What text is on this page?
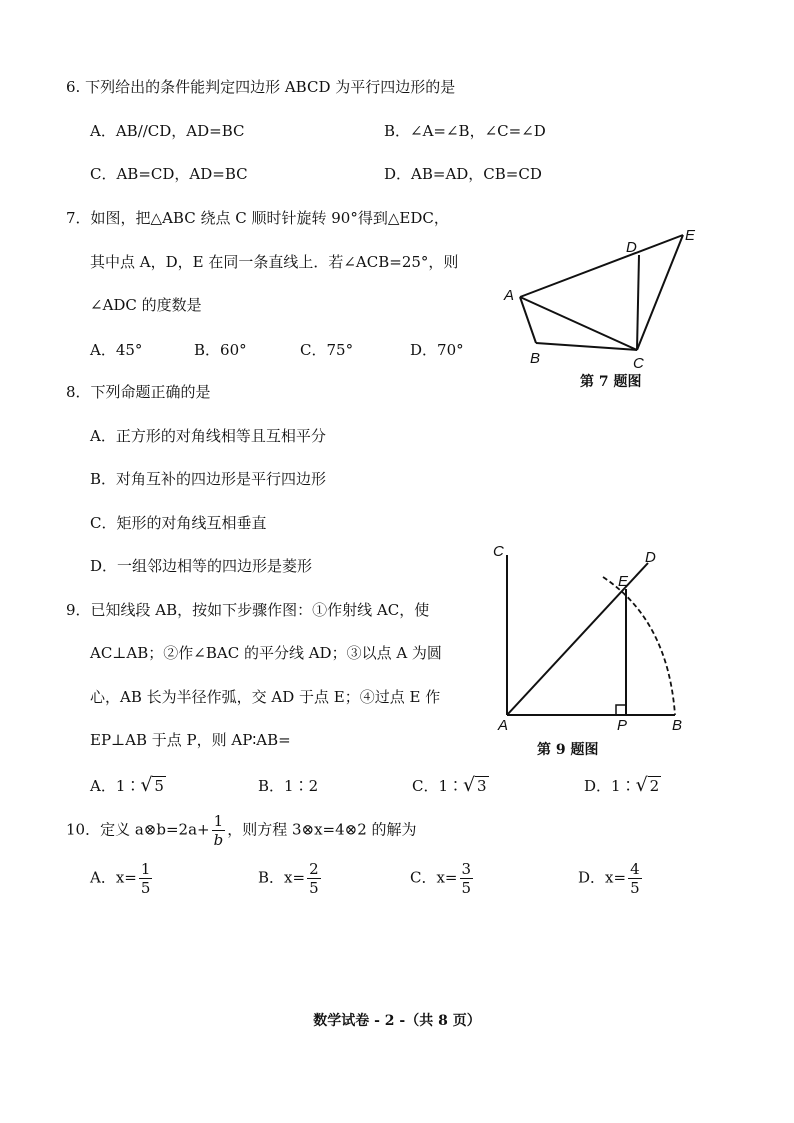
6. 下列给出的条件能判定四边形 ABCD 为平行四边形的是
A．AB//CD，AD=BC	B．∠A=∠B，∠C=∠D
C．AB=CD，AD=BC	D．AB=AD，CB=CD
7．如图，把△ABC 绕点 C 顺时针旋转 90°得到△EDC，
其中点 A，D，E 在同一条直线上．若∠ACB=25°，则
∠ADC 的度数是
A．45°	B．60°	C．75°	D．70°
A
B	C
D
E
第 7 题图
8．下列命题正确的是
A．正方形的对角线相等且互相平分
B．对角互补的四边形是平行四边形
C．矩形的对角线互相垂直
D．一组邻边相等的四边形是菱形
9．已知线段 AB，按如下步骤作图：①作射线 AC，使
AC⊥AB；②作∠BAC 的平分线 AD；③以点 A 为圆
心，AB 长为半径作弧，交 AD 于点 E；④过点 E 作
EP⊥AB 于点 P，则 AP∶AB=
A．1∶ √ 5	B．1∶2	C．1∶ √ 3	D．1∶ √ 2
A	B
C	D
E
P
第 9 题图
10．定义 a⊗b=2a+ $\frac{1}{b}$ ，则方程 3⊗x=4⊗2 的解为
A．$x= \frac{1}{5}$	B．$x= \frac{2}{5}$	C．$x= \frac{3}{5}$	D．$x= \frac{4}{5}$
数学试卷 - 2 -（共 8 页）
